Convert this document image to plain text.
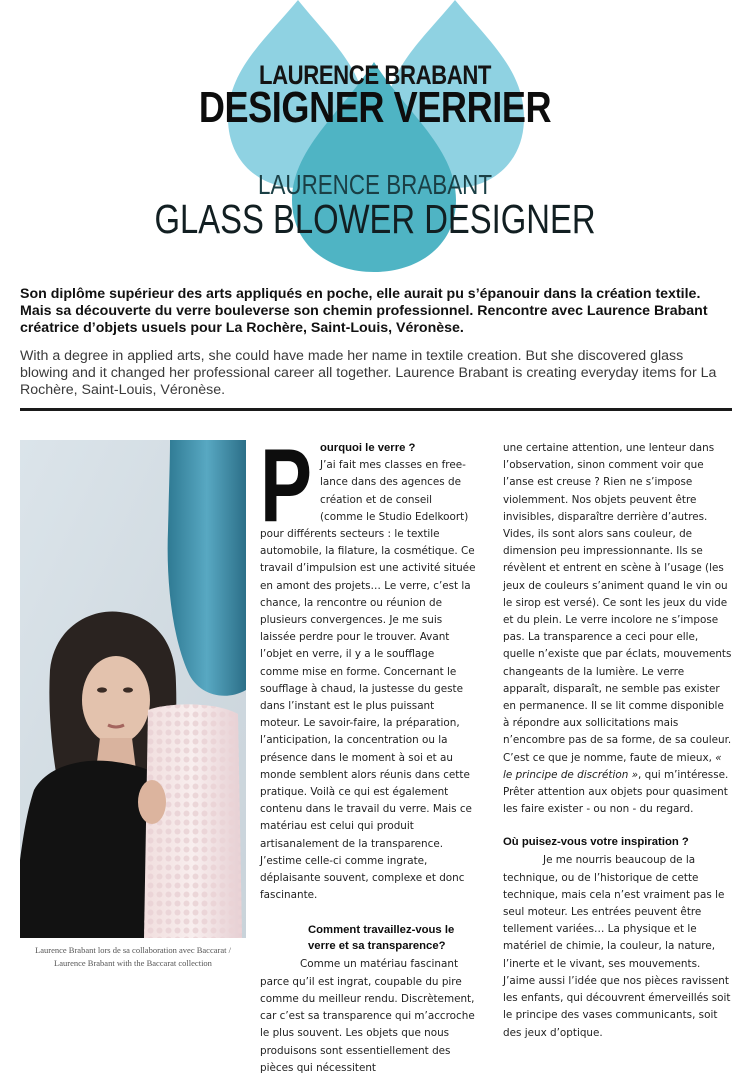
LAURENCE BRABANT
DESIGNER VERRIER
LAURENCE BRABANT
GLASS BLOWER DESIGNER
Son diplôme supérieur des arts appliqués en poche, elle aurait pu s’épanouir dans la création textile. Mais sa découverte du verre bouleverse son chemin professionnel. Rencontre avec Laurence Brabant créatrice d’objets usuels pour La Rochère, Saint-Louis, Véronèse.
With a degree in applied arts, she could have made her name in textile creation. But she discovered glass blowing and it changed her professional career all together. Laurence Brabant is creating everyday items for La Rochère, Saint-Louis, Véronèse.
Laurence Brabant lors de sa collaboration avec Baccarat /
Laurence Brabant with the Baccarat collection

P ourquoi le verre ?
J’ai fait mes classes en free-lance dans des agences de création et de conseil (comme le Studio Edelkoort) pour différents secteurs : le textile automobile, la filature, la cosmétique. Ce travail d’impulsion est une activité située en amont des projets… Le verre, c’est la chance, la rencontre ou réunion de plusieurs convergences. Je me suis laissée perdre pour le trouver. Avant l’objet en verre, il y a le soufflage comme mise en forme. Concernant le soufflage à chaud, la justesse du geste dans l’instant est le plus puissant moteur. Le savoir-faire, la préparation, l’anticipation, la concentration ou la présence dans le moment à soi et au monde semblent alors réunis dans cette pratique. Voilà ce qui est également contenu dans le travail du verre. Mais ce matériau est celui qui produit artisanalement de la transparence. J’estime celle-ci comme ingrate, déplaisante souvent, complexe et donc fascinante.

Comment travaillez-vous le verre et sa transparence?

Comme un matériau fascinant parce qu’il est ingrat, coupable du pire comme du meilleur rendu. Discrètement, car c’est sa transparence qui m’accroche le plus souvent. Les objets que nous produisons sont essentiellement des pièces qui nécessitent

une certaine attention, une lenteur dans l’observation, sinon comment voir que l’anse est creuse ? Rien ne s’impose violemment. Nos objets peuvent être invisibles, disparaître derrière d’autres. Vides, ils sont alors sans couleur, de dimension peu impressionnante. Ils se révèlent et entrent en scène à l’usage (les jeux de couleurs s’animent quand le vin ou le sirop est versé). Ce sont les jeux du vide et du plein. Le verre incolore ne s’impose pas. La transparence a ceci pour elle, quelle n’existe que par éclats, mouvements changeants de la lumière. Le verre apparaît, disparaît, ne semble pas exister en permanence. Il se lit comme disponible à répondre aux sollicitations mais n’encombre pas de sa forme, de sa couleur. C’est ce que je nomme, faute de mieux, « le principe de discrétion », qui m’intéresse. Prêter attention aux objets pour quasiment les faire exister - ou non - du regard.

Où puisez-vous votre inspiration ?

Je me nourris beaucoup de la technique, ou de l’historique de cette technique, mais cela n’est vraiment pas le seul moteur. Les entrées peuvent être tellement variées… La physique et le matériel de chimie, la couleur, la nature, l’inerte et le vivant, ses mouvements. J’aime aussi l’idée que nos pièces ravissent les enfants, qui découvrent émerveillés soit le principe des vases communicants, soit des jeux d’optique.
